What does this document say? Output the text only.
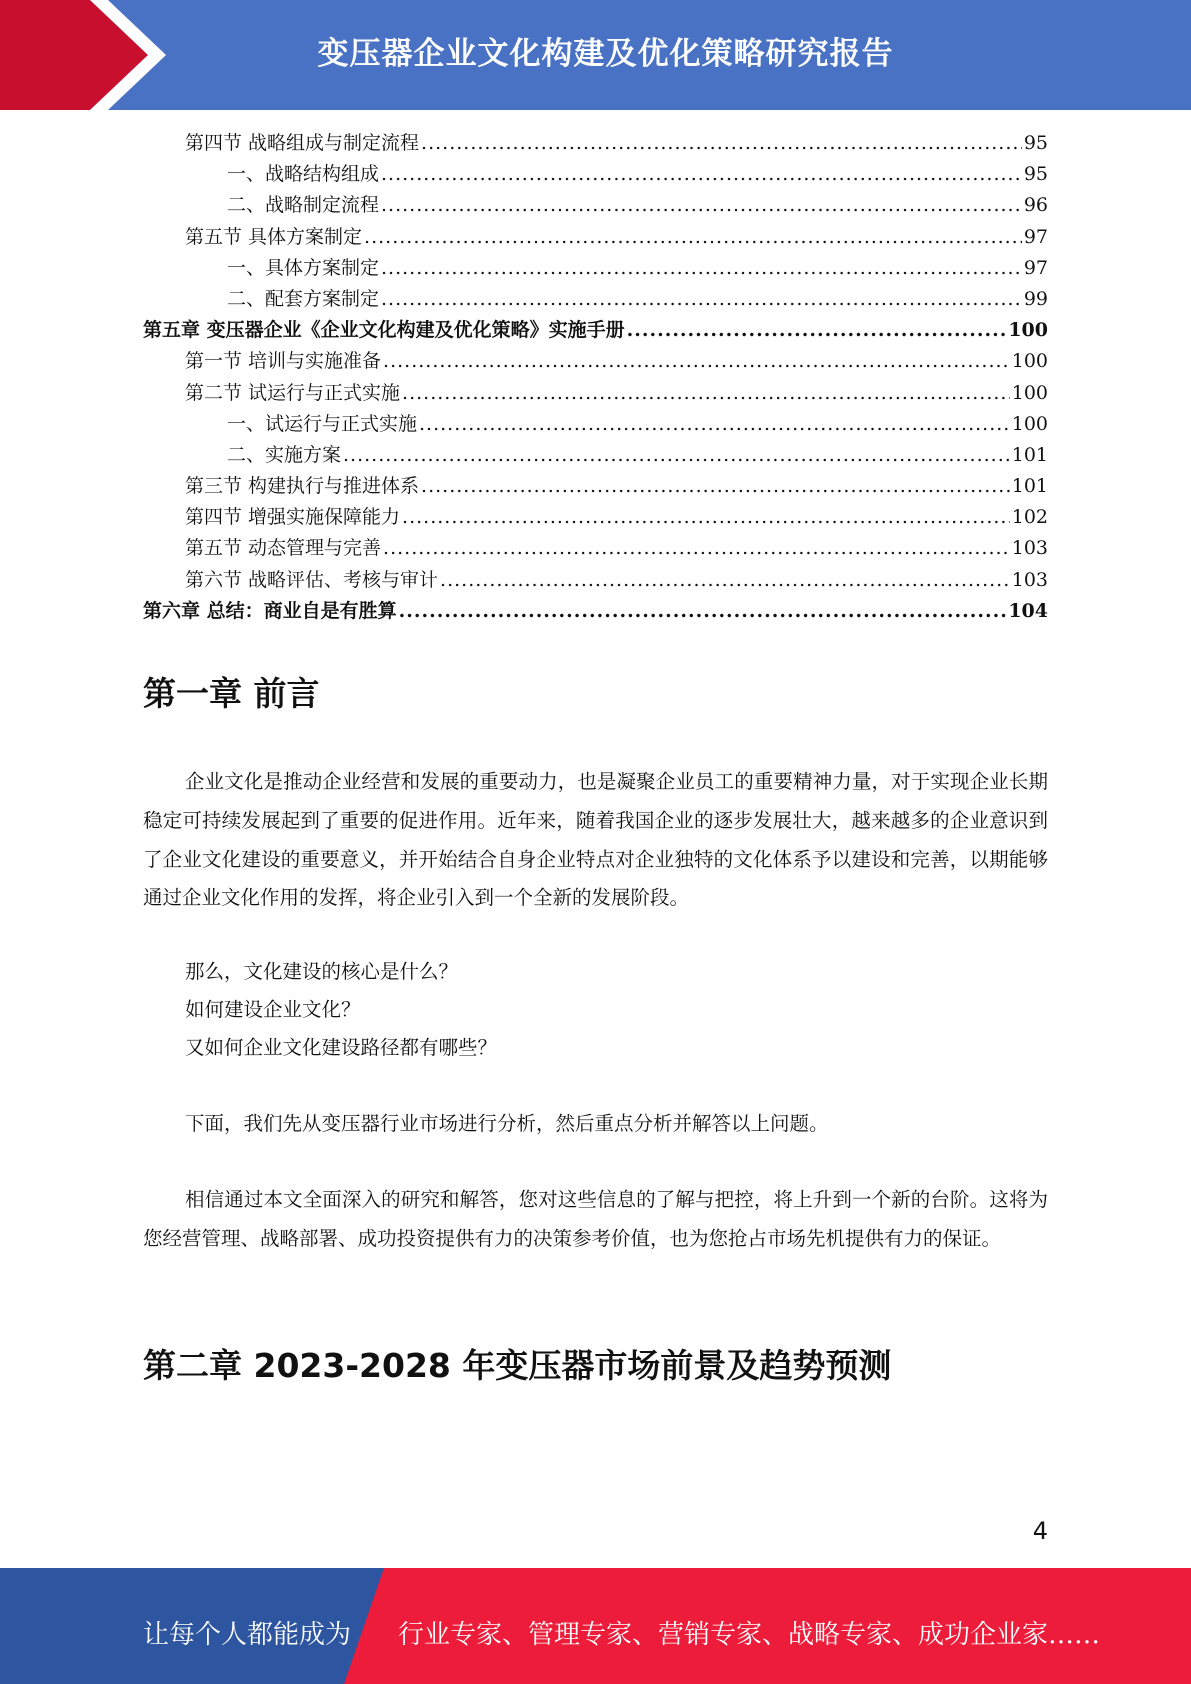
变压器企业文化构建及优化策略研究报告
第四节 战略组成与制定流程 .....	95
一、战略结构组成 .....	95
二、战略制定流程 .....	96
第五节 具体方案制定 .....	97
一、具体方案制定 .....	97
二、配套方案制定 .....	99
第五章 变压器企业《企业文化构建及优化策略》实施手册 .....	100
第一节 培训与实施准备 .....	100
第二节 试运行与正式实施 .....	100
一、试运行与正式实施 .....	100
二、实施方案 .....	101
第三节 构建执行与推进体系 .....	101
第四节 增强实施保障能力 .....	102
第五节 动态管理与完善 .....	103
第六节 战略评估、考核与审计 .....	103
第六章 总结：商业自是有胜算 .....	104
第一章 前言

企业文化是推动企业经营和发展的重要动力，也是凝聚企业员工的重要精神力量，对于实现企业长期稳定可持续发展起到了重要的促进作用。近年来，随着我国企业的逐步发展壮大，越来越多的企业意识到了企业文化建设的重要意义，并开始结合自身企业特点对企业独特的文化体系予以建设和完善，以期能够通过企业文化作用的发挥，将企业引入到一个全新的发展阶段。

那么，文化建设的核心是什么？
如何建设企业文化？
又如何企业文化建设路径都有哪些？

下面，我们先从变压器行业市场进行分析，然后重点分析并解答以上问题。

相信通过本文全面深入的研究和解答，您对这些信息的了解与把控，将上升到一个新的台阶。这将为您经营管理、战略部署、成功投资提供有力的决策参考价值，也为您抢占市场先机提供有力的保证。

第二章 2023-2028 年变压器市场前景及趋势预测
4
让每个人都能成为 行业专家、管理专家、营销专家、战略专家、成功企业家……
